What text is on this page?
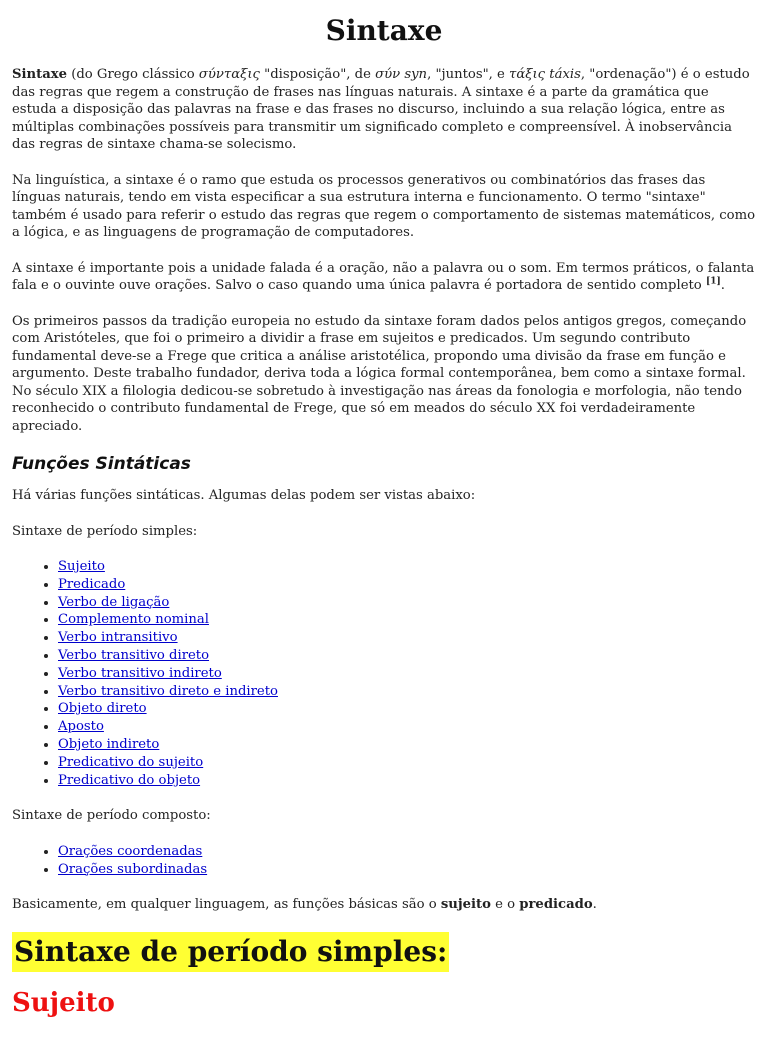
Sintaxe

Sintaxe (do Grego clássico σύνταξις "disposição", de σύν syn, "juntos", e τάξις táxis, "ordenação") é o estudo das regras que regem a construção de frases nas línguas naturais. A sintaxe é a parte da gramática que estuda a disposição das palavras na frase e das frases no discurso, incluindo a sua relação lógica, entre as múltiplas combinações possíveis para transmitir um significado completo e compreensível. À inobservância das regras de sintaxe chama-se solecismo.

Na linguística, a sintaxe é o ramo que estuda os processos generativos ou combinatórios das frases das línguas naturais, tendo em vista especificar a sua estrutura interna e funcionamento. O termo "sintaxe" também é usado para referir o estudo das regras que regem o comportamento de sistemas matemáticos, como a lógica, e as linguagens de programação de computadores.

A sintaxe é importante pois a unidade falada é a oração, não a palavra ou o som. Em termos práticos, o falanta fala e o ouvinte ouve orações. Salvo o caso quando uma única palavra é portadora de sentido completo [1].

Os primeiros passos da tradição europeia no estudo da sintaxe foram dados pelos antigos gregos, começando com Aristóteles, que foi o primeiro a dividir a frase em sujeitos e predicados. Um segundo contributo fundamental deve-se a Frege que critica a análise aristotélica, propondo uma divisão da frase em função e argumento. Deste trabalho fundador, deriva toda a lógica formal contemporânea, bem como a sintaxe formal. No século XIX a filologia dedicou-se sobretudo à investigação nas áreas da fonologia e morfologia, não tendo reconhecido o contributo fundamental de Frege, que só em meados do século XX foi verdadeiramente apreciado.

Funções Sintáticas

Há várias funções sintáticas. Algumas delas podem ser vistas abaixo:

Sintaxe de período simples:

• Sujeito
• Predicado
• Verbo de ligação
• Complemento nominal
• Verbo intransitivo
• Verbo transitivo direto
• Verbo transitivo indireto
• Verbo transitivo direto e indireto
• Objeto direto
• Aposto
• Objeto indireto
• Predicativo do sujeito
• Predicativo do objeto

Sintaxe de período composto:

• Orações coordenadas
• Orações subordinadas

Basicamente, em qualquer linguagem, as funções básicas são o sujeito e o predicado.

Sintaxe de período simples:
Sujeito
